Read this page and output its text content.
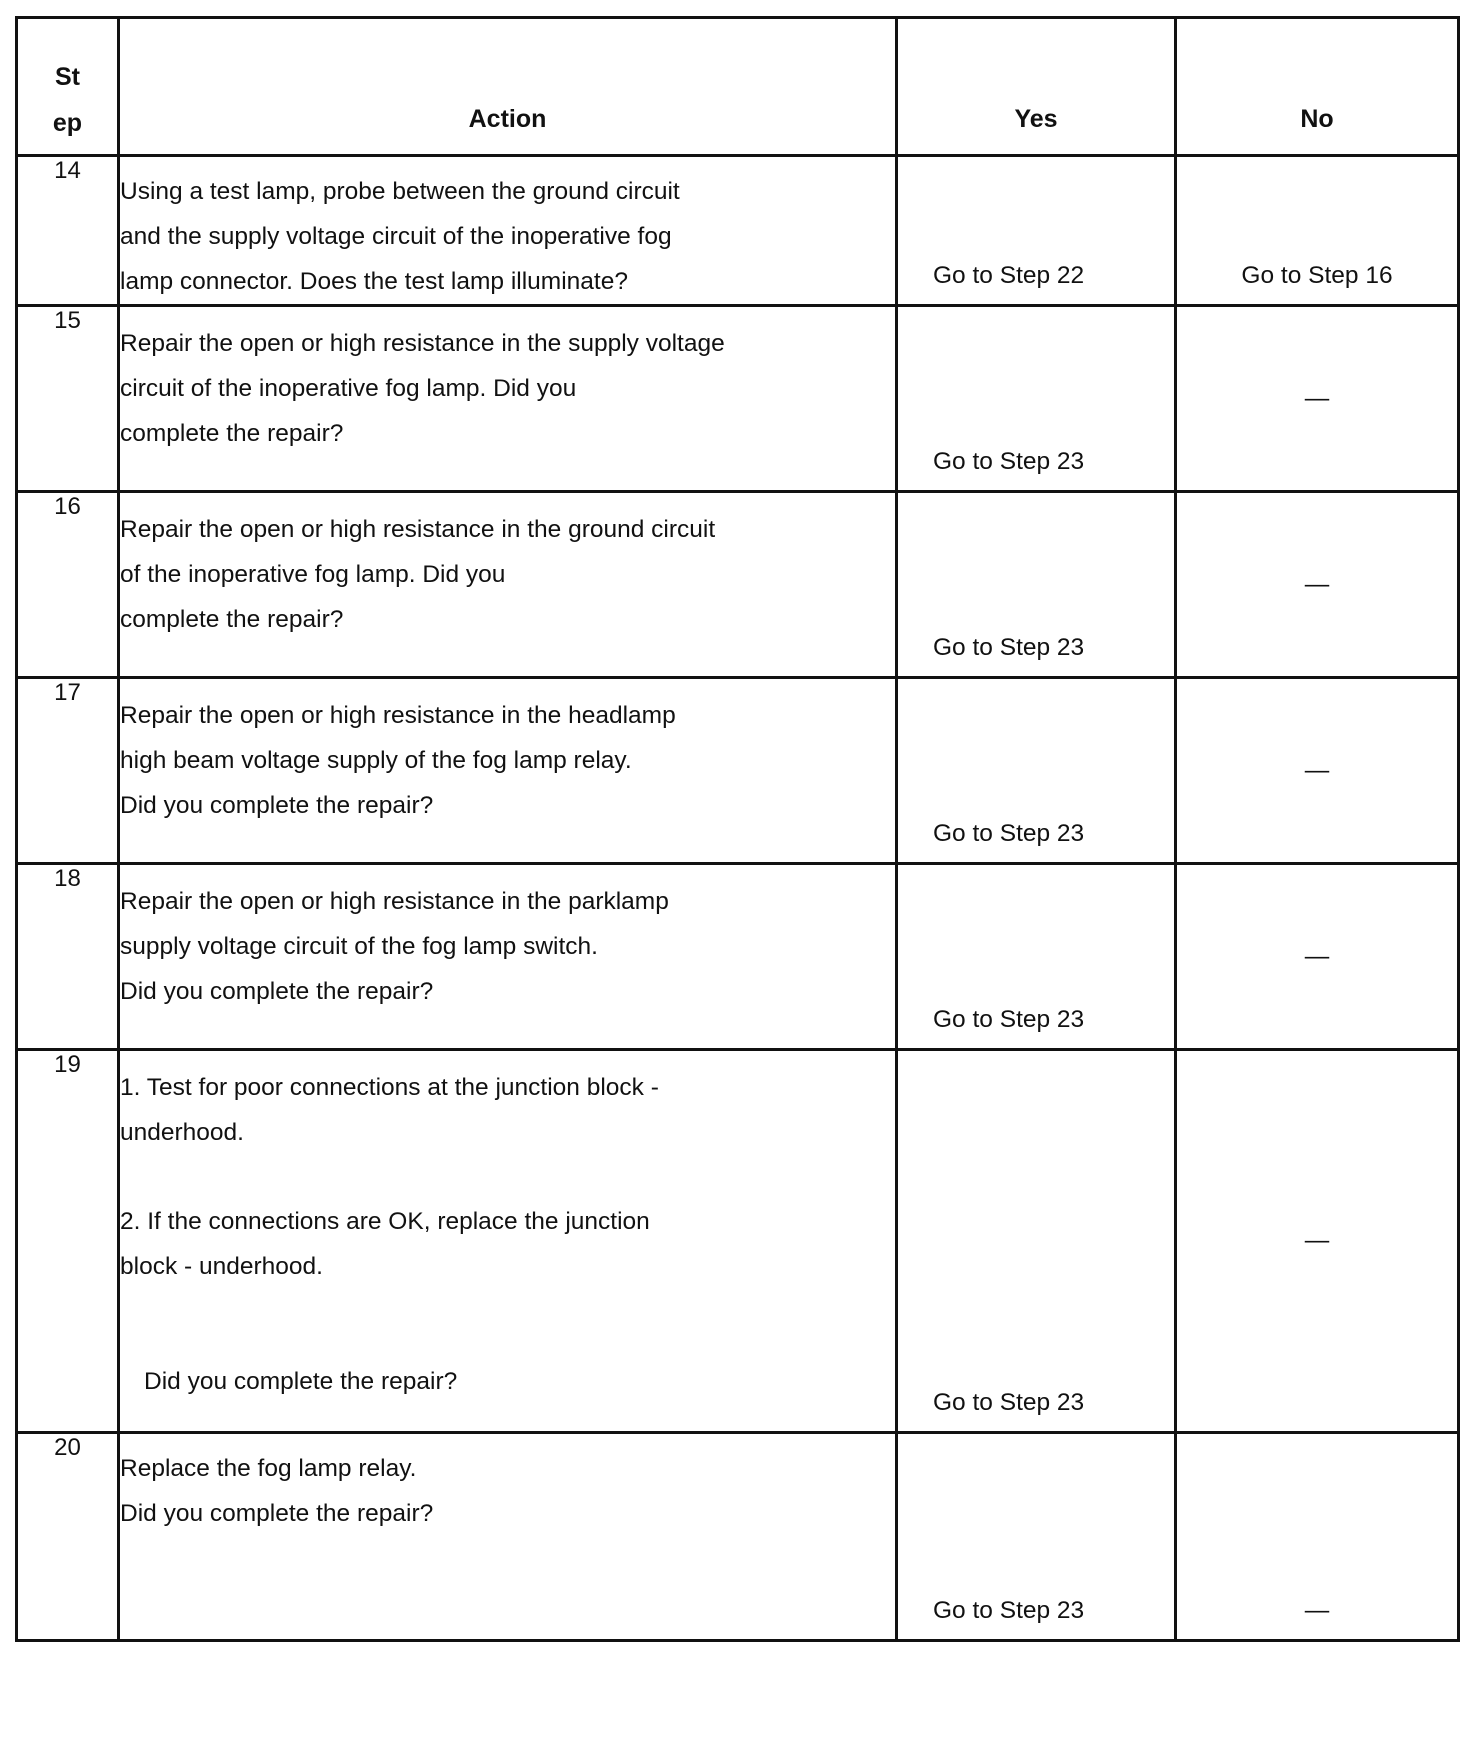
St
ep	Action	Yes	No

14	Using a test lamp, probe between the ground circuit
and the supply voltage circuit of the inoperative fog
lamp connector. Does the test lamp illuminate?	Go to Step 22	Go to Step 16

15	Repair the open or high resistance in the supply voltage
circuit of the inoperative fog lamp. Did you
complete the repair?	Go to Step 23	—

16	Repair the open or high resistance in the ground circuit
of the inoperative fog lamp. Did you
complete the repair?	Go to Step 23	—

17	Repair the open or high resistance in the headlamp
high beam voltage supply of the fog lamp relay.
Did you complete the repair?	Go to Step 23	—

18	Repair the open or high resistance in the parklamp
supply voltage circuit of the fog lamp switch.
Did you complete the repair?	Go to Step 23	—

19	1. Test for poor connections at the junction block -
underhood.
2. If the connections are OK, replace the junction
block - underhood.
Did you complete the repair?	Go to Step 23	—

20	Replace the fog lamp relay.
Did you complete the repair?	Go to Step 23	—
